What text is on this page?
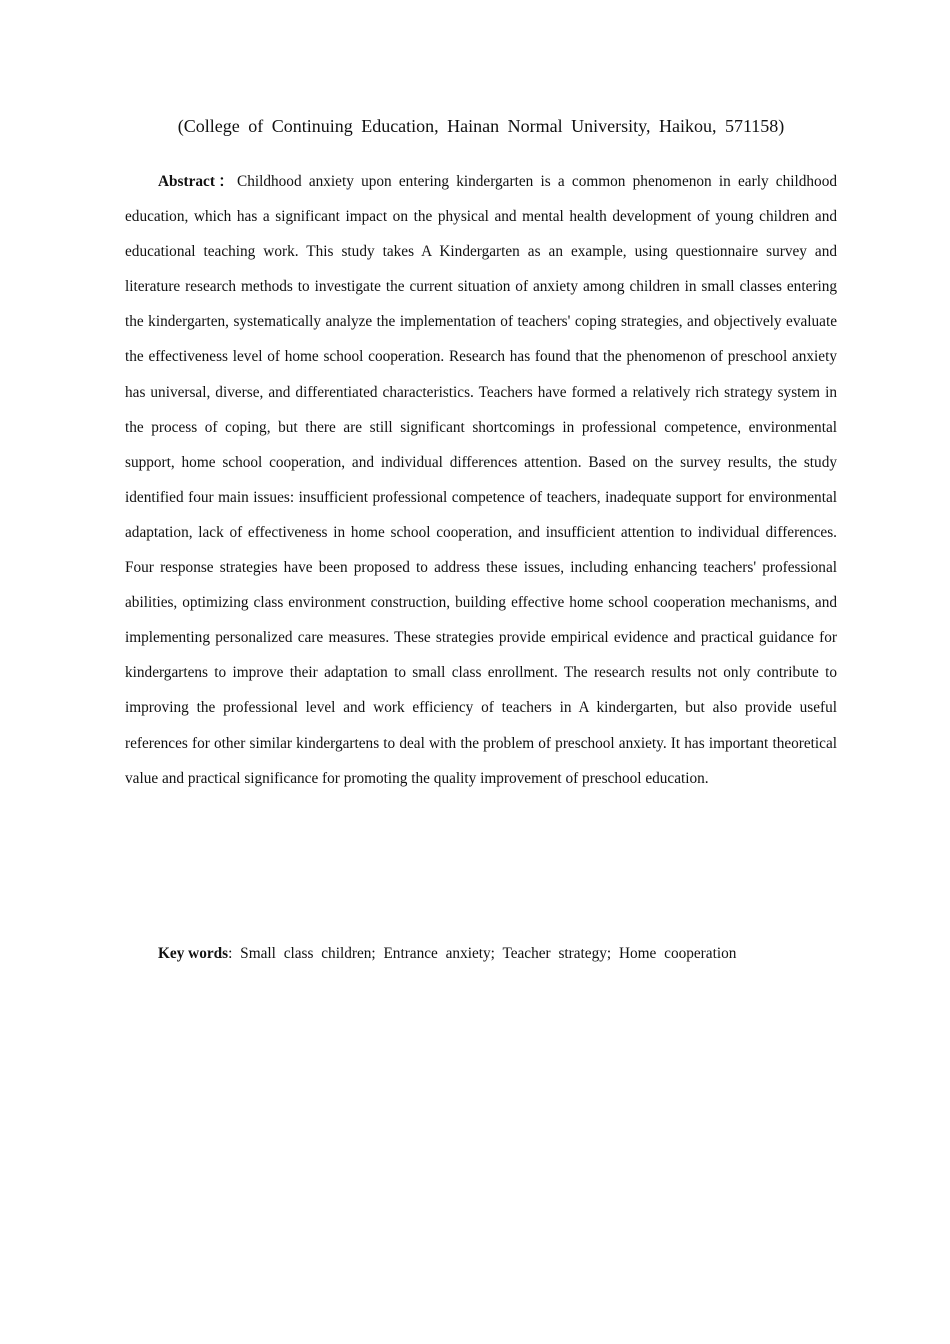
(College of Continuing Education, Hainan Normal University, Haikou, 571158)
Abstract：Childhood anxiety upon entering kindergarten is a common phenomenon in early childhood education, which has a significant impact on the physical and mental health development of young children and educational teaching work. This study takes A Kindergarten as an example, using questionnaire survey and literature research methods to investigate the current situation of anxiety among children in small classes entering the kindergarten, systematically analyze the implementation of teachers' coping strategies, and objectively evaluate the effectiveness level of home school cooperation. Research has found that the phenomenon of preschool anxiety has universal, diverse, and differentiated characteristics. Teachers have formed a relatively rich strategy system in the process of coping, but there are still significant shortcomings in professional competence, environmental support, home school cooperation, and individual differences attention. Based on the survey results, the study identified four main issues: insufficient professional competence of teachers, inadequate support for environmental adaptation, lack of effectiveness in home school cooperation, and insufficient attention to individual differences. Four response strategies have been proposed to address these issues, including enhancing teachers' professional abilities, optimizing class environment construction, building effective home school cooperation mechanisms, and implementing personalized care measures. These strategies provide empirical evidence and practical guidance for kindergartens to improve their adaptation to small class enrollment. The research results not only contribute to improving the professional level and work efficiency of teachers in A kindergarten, but also provide useful references for other similar kindergartens to deal with the problem of preschool anxiety. It has important theoretical value and practical significance for promoting the quality improvement of preschool education.
Key words: Small class children; Entrance anxiety; Teacher strategy; Home cooperation
